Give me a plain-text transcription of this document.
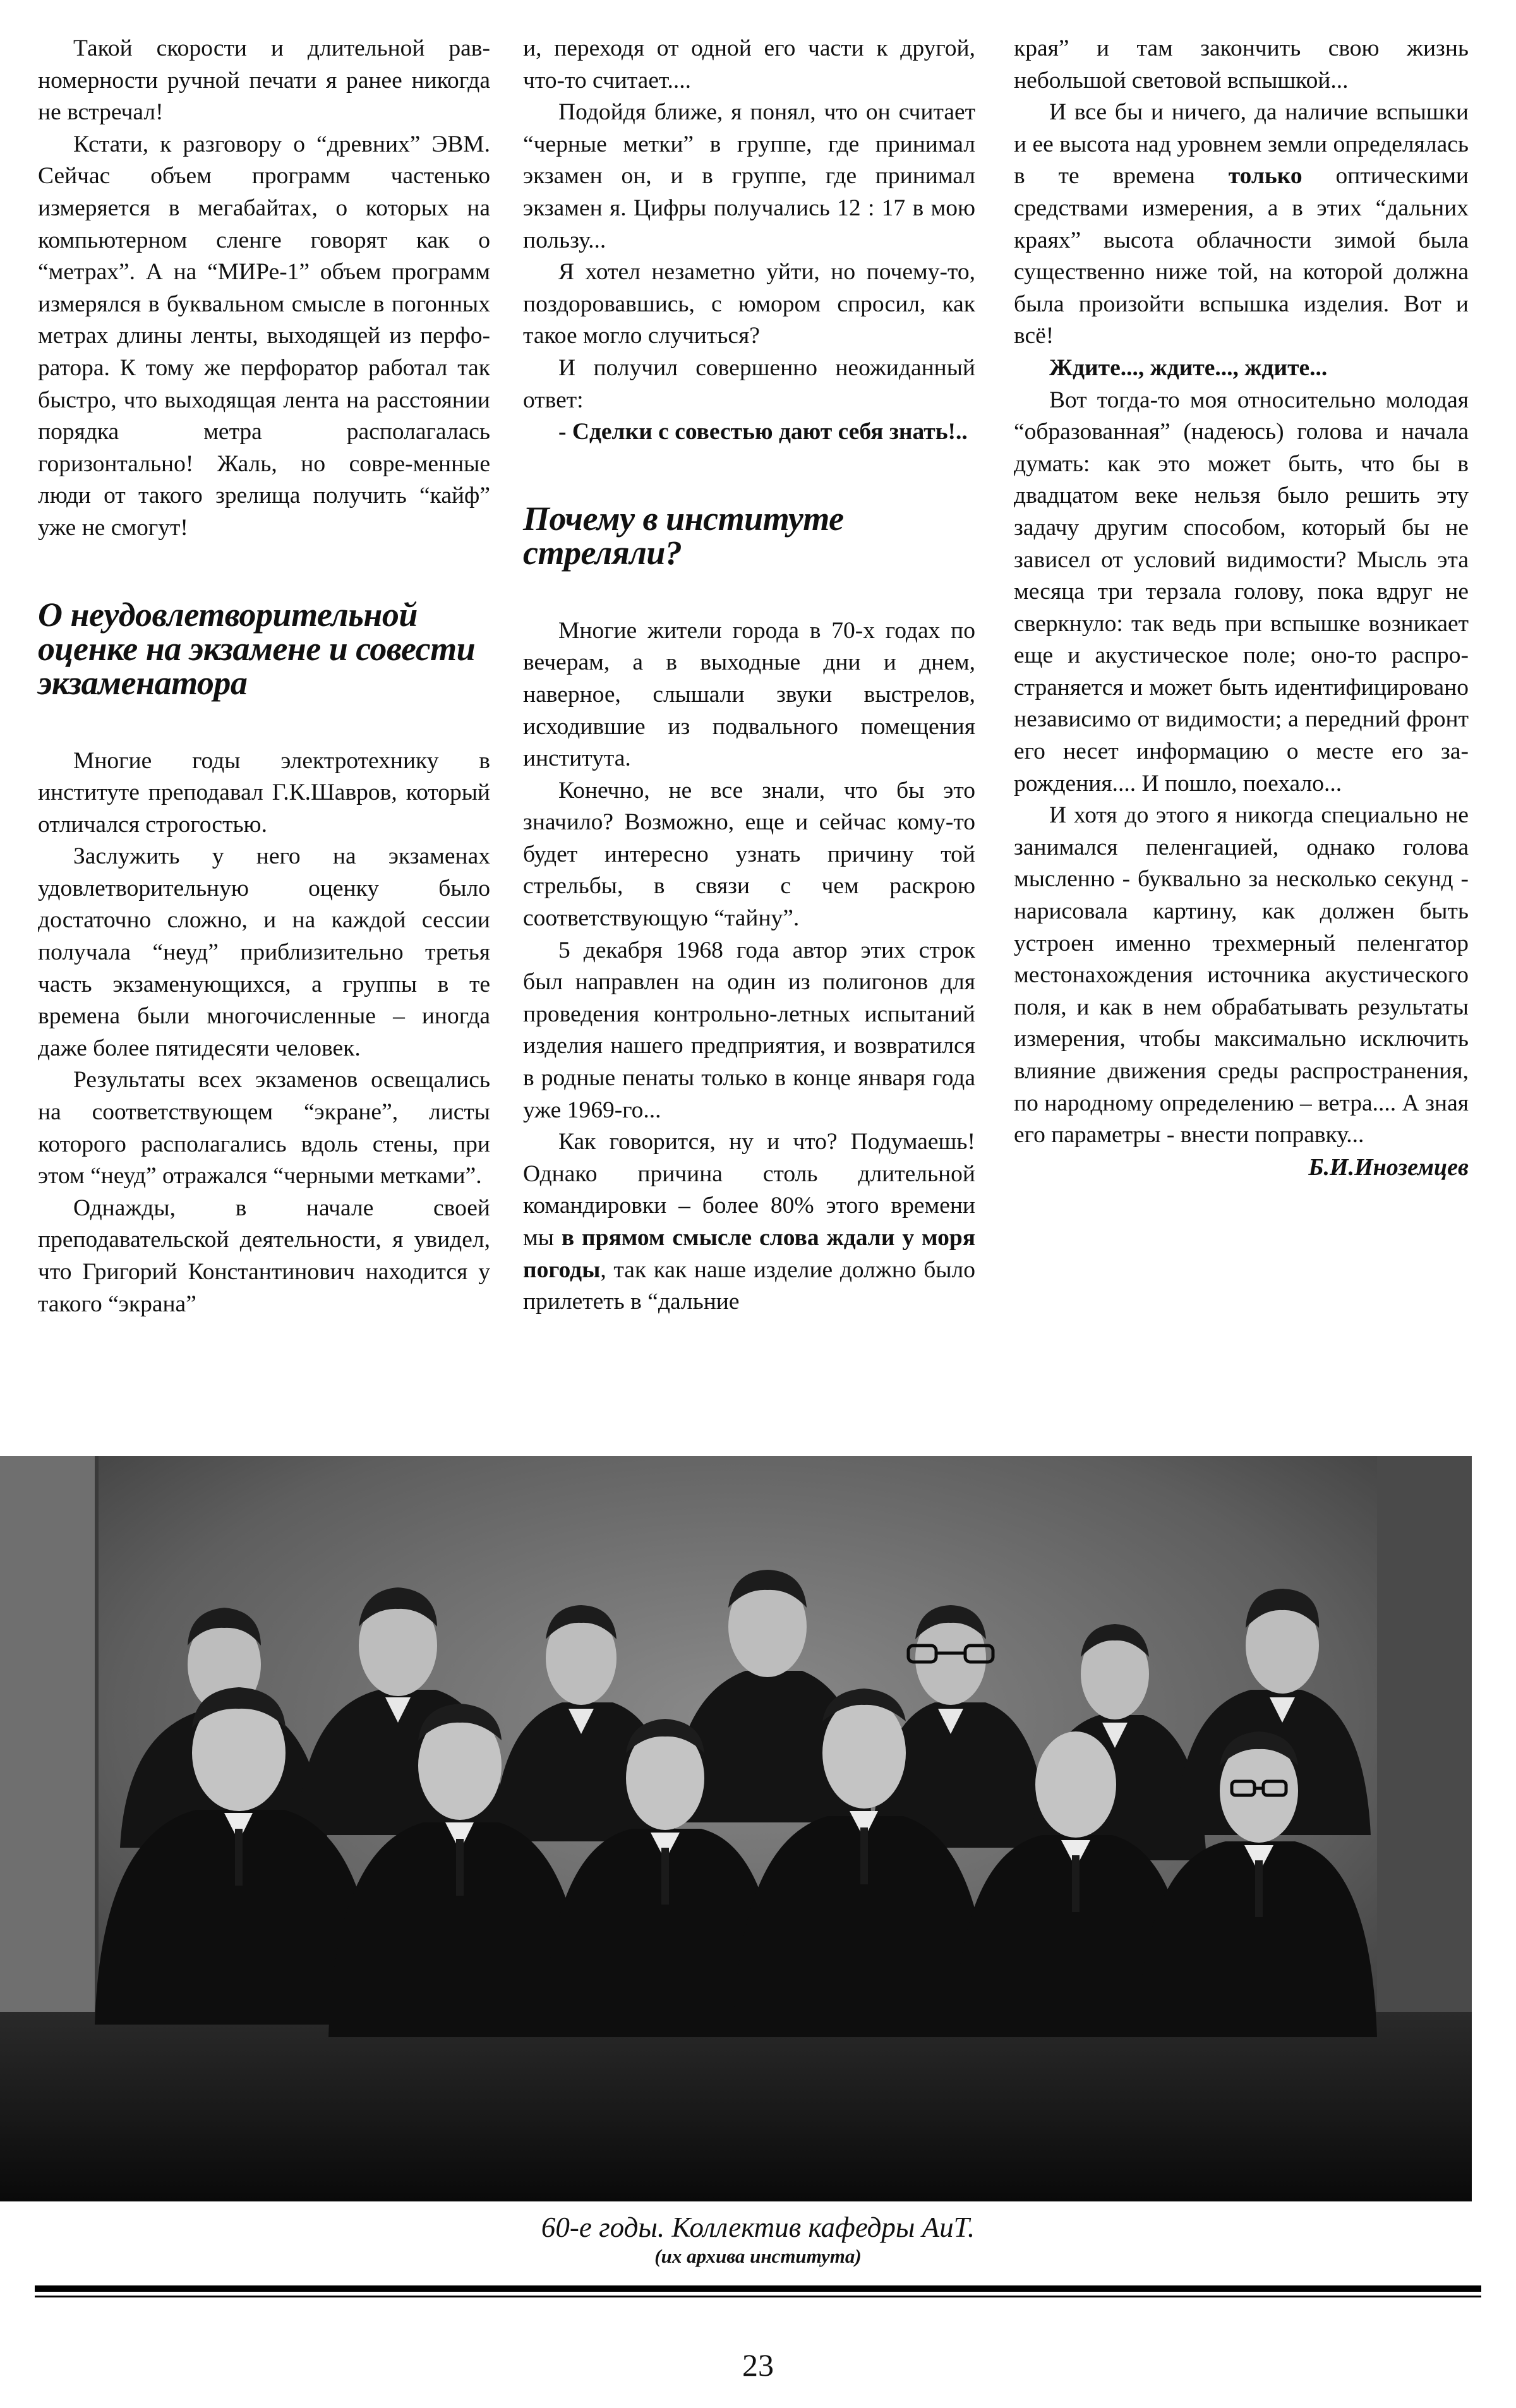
Такой скорости и длительной равномерности ручной печати я ранее никогда не встречал!

Кстати, к разговору о “древних” ЭВМ. Сейчас объем программ частенько измеряется в мегабайтах, о которых на компьютерном сленге говорят как о “метрах”. А на “МИРе-1” объем программ измерялся в буквальном смысле в погонных метрах длины ленты, выходящей из перфоратора. К тому же перфоратор работал так быстро, что выходящая лента на расстоянии порядка метра располагалась горизонтально! Жаль, но совре-менные люди от такого зрелища получить “кайф” уже не смогут!

О неудовлетворительной оценке на экзамене и совести экзаменатора

Многие годы электротехнику в институте преподавал Г.К.Шавров, который отличался строгостью.

Заслужить у него на экзаменах удовлетворительную оценку было достаточно сложно, и на каждой сессии получала “неуд” приблизительно третья часть экзаменующихся, а группы в те времена были многочисленные – иногда даже более пятидесяти человек.

Результаты всех экзаменов освещались на соответствующем “экране”, листы которого располагались вдоль стены, при этом “неуд” отражался “черными метками”.

Однажды, в начале своей преподавательской деятельности, я увидел, что Григорий Константинович находится у такого “экрана”

и, переходя от одной его части к другой, что-то считает....

Подойдя ближе, я понял, что он считает “черные метки” в группе, где принимал экзамен он, и в группе, где принимал экзамен я. Цифры получались 12 : 17 в мою пользу...

Я хотел незаметно уйти, но почему-то, поздоровавшись, с юмором спросил, как такое могло случиться?

И получил совершенно неожиданный ответ:

- Сделки с совестью дают себя знать!..

Почему в институте стреляли?

Многие жители города в 70-х годах по вечерам, а в выходные дни и днем, наверное, слышали звуки выстрелов, исходившие из подвального помещения института.

Конечно, не все знали, что бы это значило? Возможно, еще и сейчас кому-то будет интересно узнать причину той стрельбы, в связи с чем раскрою соответствующую “тайну”.

5 декабря 1968 года автор этих строк был направлен на один из полигонов для проведения контрольно-летных испытаний изделия нашего предприятия, и возвратился в родные пенаты только в конце января года уже 1969-го...

Как говорится, ну и что? Подумаешь! Однако причина столь длительной командировки – более 80% этого времени мы в прямом смысле слова ждали у моря погоды, так как наше изделие должно было прилететь в “дальние

края” и там закончить свою жизнь небольшой световой вспышкой...

И все бы и ничего, да наличие вспышки и ее высота над уровнем земли определялась в те времена только оптическими средствами измерения, а в этих “дальних краях” высота облачности зимой была существенно ниже той, на которой должна была произойти вспышка изделия. Вот и всё!

Ждите..., ждите..., ждите...

Вот тогда-то моя относительно молодая “образованная” (надеюсь) голова и начала думать: как это может быть, что бы в двадцатом веке нельзя было решить эту задачу другим способом, который бы не зависел от условий видимости? Мысль эта месяца три терзала голову, пока вдруг не сверкнуло: так ведь при вспышке возникает еще и акустическое поле; оно-то распространяется и может быть идентифицировано независимо от видимости; а передний фронт его несет информацию о месте его зарождения.... И пошло, поехало...

И хотя до этого я никогда специально не занимался пеленгацией, однако голова мысленно - буквально за несколько секунд - нарисовала картину, как должен быть устроен именно трехмерный пеленгатор местонахождения источника акустического поля, и как в нем обрабатывать результаты измерения, чтобы максимально исключить влияние движения среды распространения, по народному определению – ветра.... А зная его параметры - внести поправку...

Б.И.Иноземцев

60-е годы. Коллектив кафедры АиТ.
(их архива института)
23
